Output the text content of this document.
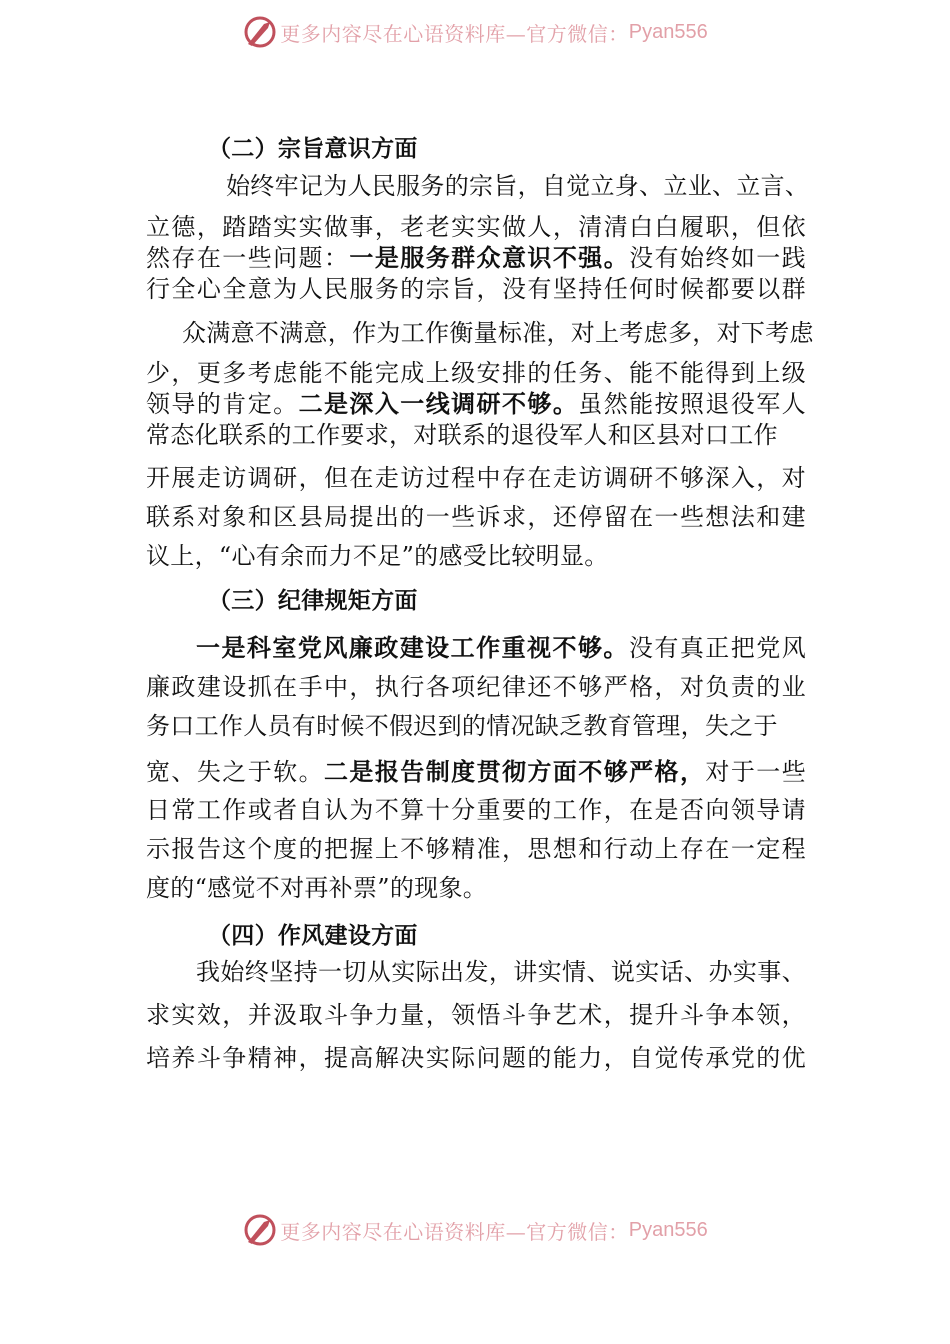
更多内容尽在心语资料库—官方微信： Pyan556
（二）宗旨意识方面
始终牢记为人民服务的宗旨，自觉立身、立业、立言、
立德，踏踏实实做事，老老实实做人，清清白白履职，但依
然存在一些问题：一是服务群众意识不强。没有始终如一践
行全心全意为人民服务的宗旨，没有坚持任何时候都要以群
众满意不满意，作为工作衡量标准，对上考虑多，对下考虑
少，更多考虑能不能完成上级安排的任务、能不能得到上级
领导的肯定。二是深入一线调研不够。虽然能按照退役军人
常态化联系的工作要求，对联系的退役军人和区县对口工作
开展走访调研，但在走访过程中存在走访调研不够深入，对
联系对象和区县局提出的一些诉求，还停留在一些想法和建
议上，“心有余而力不足”的感受比较明显。
（三）纪律规矩方面
一是科室党风廉政建设工作重视不够。没有真正把党风
廉政建设抓在手中，执行各项纪律还不够严格，对负责的业
务口工作人员有时候不假迟到的情况缺乏教育管理，失之于
宽、失之于软。二是报告制度贯彻方面不够严格，对于一些
日常工作或者自认为不算十分重要的工作，在是否向领导请
示报告这个度的把握上不够精准，思想和行动上存在一定程
度的“感觉不对再补票”的现象。
（四）作风建设方面
我始终坚持一切从实际出发，讲实情、说实话、办实事、
求实效，并汲取斗争力量，领悟斗争艺术，提升斗争本领，
培养斗争精神，提高解决实际问题的能力，自觉传承党的优
更多内容尽在心语资料库—官方微信： Pyan556
